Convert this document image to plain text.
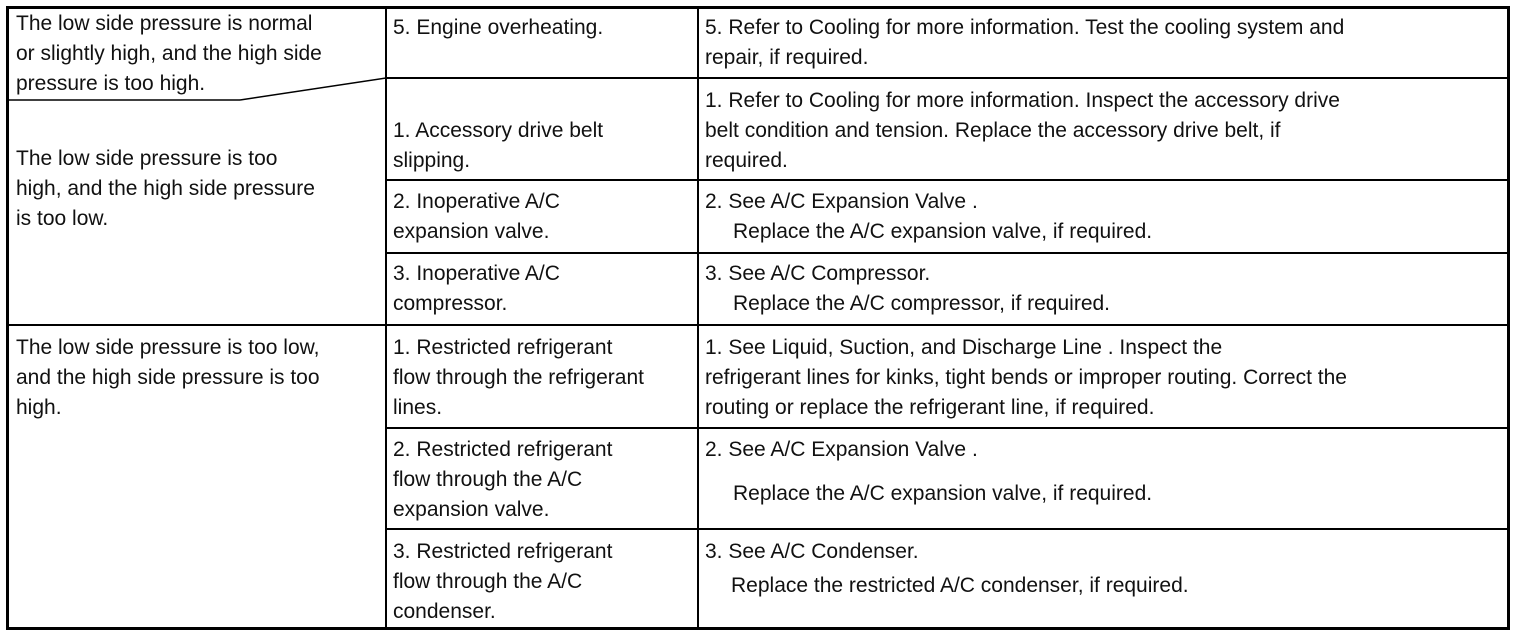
The low side pressure is normal
or slightly high, and the high side
pressure is too high.
5. Engine overheating.	5. Refer to Cooling for more information. Test the cooling system and
repair, if required.
The low side pressure is too
high, and the high side pressure
is too low.
1. Accessory drive belt
slipping.
1. Refer to Cooling for more information. Inspect the accessory drive
belt condition and tension. Replace the accessory drive belt, if
required.
2. Inoperative A/C
expansion valve.
2. See A/C Expansion Valve .
Replace the A/C expansion valve, if required.
3. Inoperative A/C
compressor.
3. See A/C Compressor.
Replace the A/C compressor, if required.
The low side pressure is too low,
and the high side pressure is too
high.
1. Restricted refrigerant
flow through the refrigerant
lines.
1. See Liquid, Suction, and Discharge Line . Inspect the
refrigerant lines for kinks, tight bends or improper routing. Correct the
routing or replace the refrigerant line, if required.
2. Restricted refrigerant
flow through the A/C
expansion valve.
2. See A/C Expansion Valve .
Replace the A/C expansion valve, if required.
3. Restricted refrigerant
flow through the A/C
condenser.
3. See A/C Condenser.
Replace the restricted A/C condenser, if required.
